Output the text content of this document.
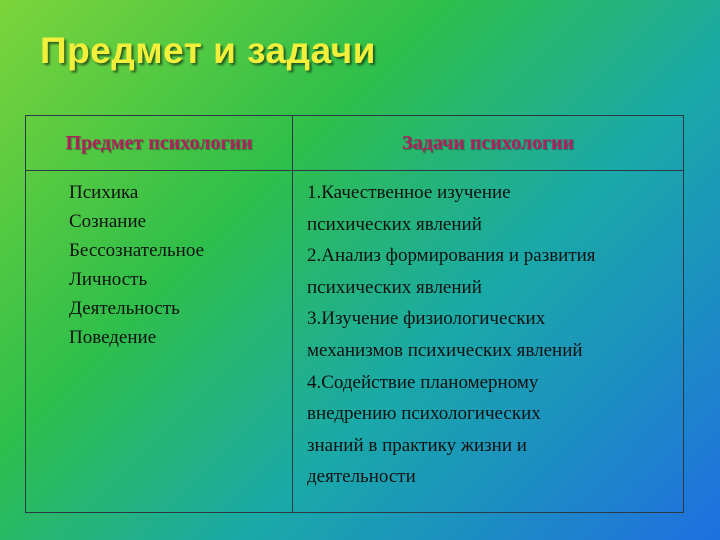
Предмет и задачи
Предмет психологии	Задачи психологии
Психика
Сознание
Бессознательное
Личность
Деятельность
Поведение
1.Качественное изучение
психических явлений
2.Анализ формирования и развития
психических явлений
3.Изучение физиологических
механизмов психических явлений
4.Содействие планомерному
внедрению психологических
знаний в практику жизни и
деятельности
